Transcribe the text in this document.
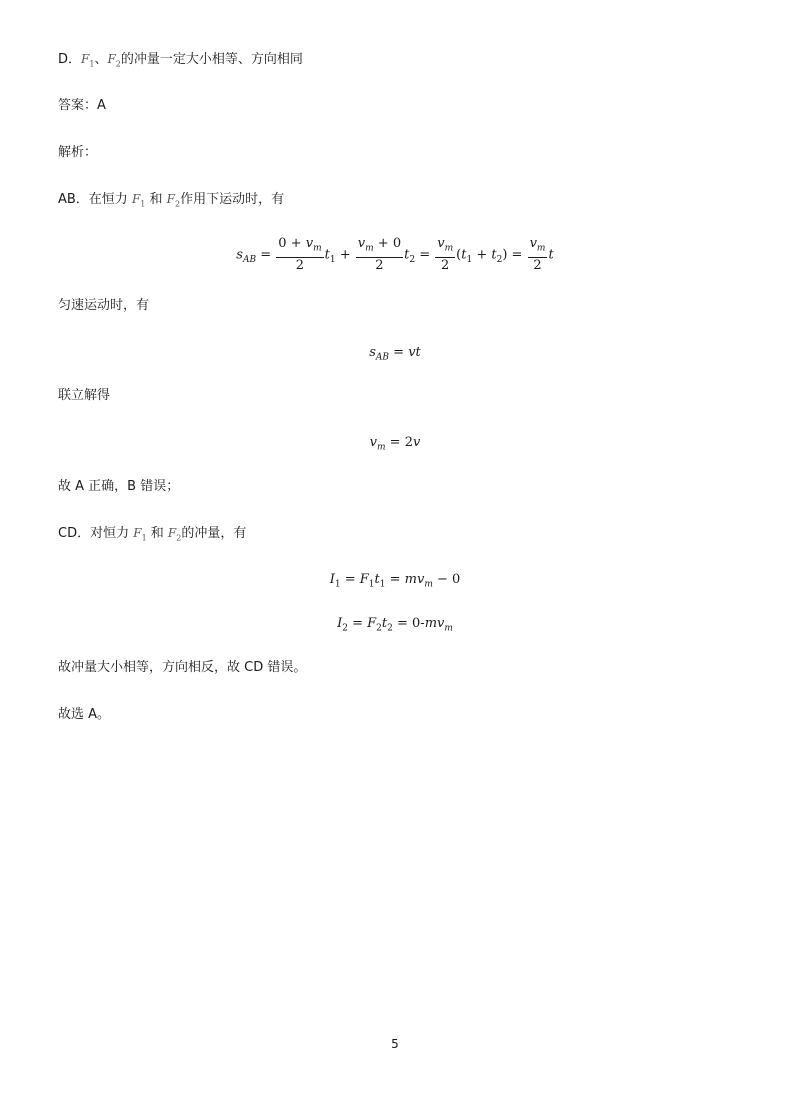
D．$F_1$、$F_2$的冲量一定大小相等、方向相同
答案：A
解析：
AB．在恒力 $F_1$ 和 $F_2$作用下运动时，有
$s_{AB} = \frac{0 + v_m}{2} t_1 + \frac{v_m + 0}{2} t_2 = \frac{v_m}{2} (t_1 + t_2) = \frac{v_m}{2}$ t
匀速运动时，有
$s_{AB}$ = vt
联立解得
$v_m = 2v$
故 A 正确，B 错误；
CD．对恒力 $F_1$ 和 $F_2$的冲量，有
$I_1 = F_1t_1 = mv_m - 0$
$I_2 = F_2t_2 = 0-mv_m$
故冲量大小相等，方向相反，故 CD 错误。
故选 A。
5
